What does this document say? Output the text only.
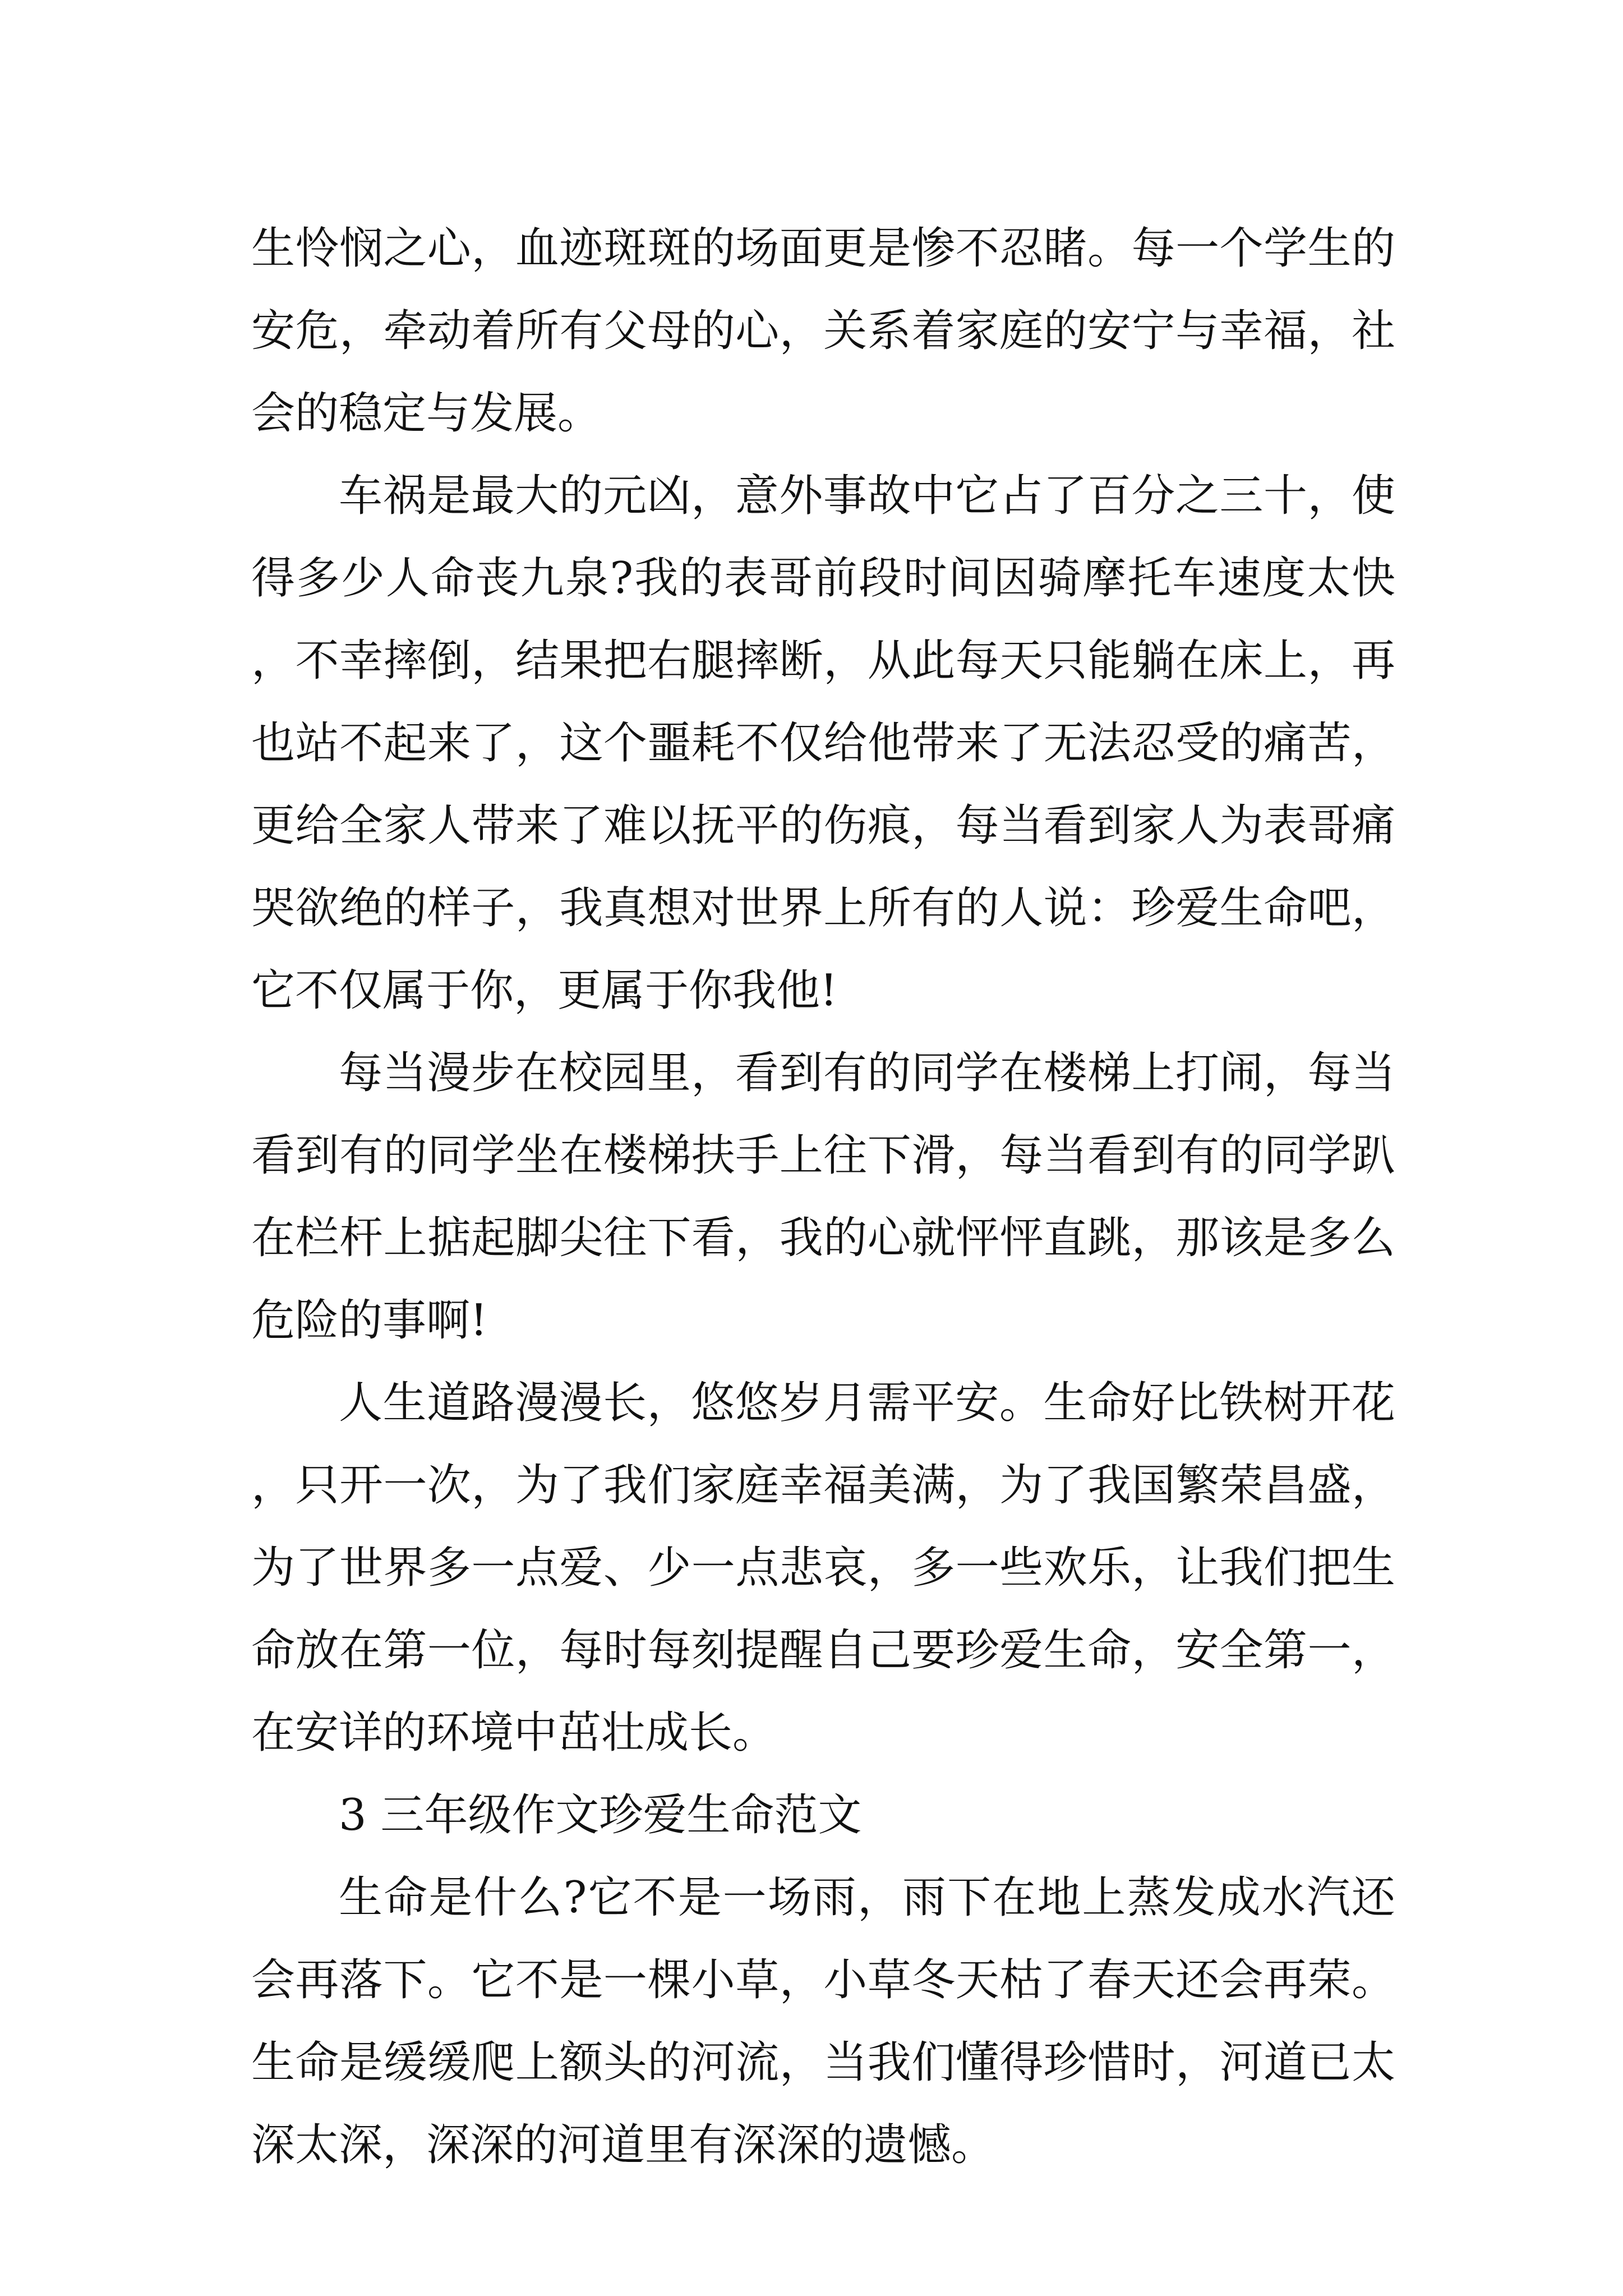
生怜悯之心，血迹斑斑的场面更是惨不忍睹。每一个学生的安危，牵动着所有父母的心，关系着家庭的安宁与幸福，社会的稳定与发展。

车祸是最大的元凶，意外事故中它占了百分之三十，使得多少人命丧九泉?我的表哥前段时间因骑摩托车速度太快，不幸摔倒，结果把右腿摔断，从此每天只能躺在床上，再也站不起来了，这个噩耗不仅给他带来了无法忍受的痛苦，更给全家人带来了难以抚平的伤痕，每当看到家人为表哥痛哭欲绝的样子，我真想对世界上所有的人说：珍爱生命吧，它不仅属于你，更属于你我他!

每当漫步在校园里，看到有的同学在楼梯上打闹，每当看到有的同学坐在楼梯扶手上往下滑，每当看到有的同学趴在栏杆上掂起脚尖往下看，我的心就怦怦直跳，那该是多么危险的事啊!

人生道路漫漫长，悠悠岁月需平安。生命好比铁树开花，只开一次，为了我们家庭幸福美满，为了我国繁荣昌盛，为了世界多一点爱、少一点悲哀，多一些欢乐，让我们把生命放在第一位，每时每刻提醒自己要珍爱生命，安全第一，在安详的环境中茁壮成长。

3 三年级作文珍爱生命范文

生命是什么?它不是一场雨，雨下在地上蒸发成水汽还会再落下。它不是一棵小草，小草冬天枯了春天还会再荣。生命是缓缓爬上额头的河流，当我们懂得珍惜时，河道已太深太深，深深的河道里有深深的遗憾。
